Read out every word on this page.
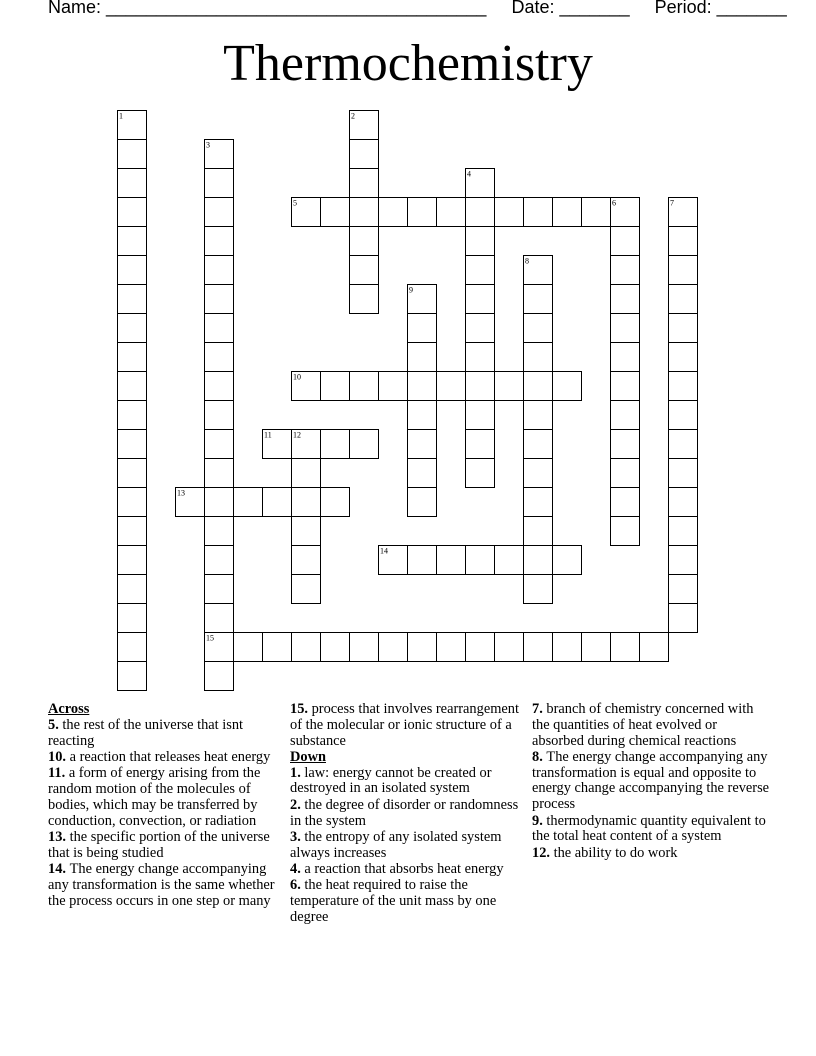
Name: ______________________________________ Date: _______ Period: _______
Thermochemistry
1	2
3
4
5	6	7
8
9
10
11	12
13
14
15

Across

5 . the rest of the universe that isnt reacting

10 . a reaction that releases heat energy

11 . a form of energy arising from the random motion of the molecules of bodies, which may be transferred by conduction, convection, or radiation

13 . the specific portion of the universe that is being studied

14 . The energy change accompanying any transformation is the same whether the process occurs in one step or many

15 . process that involves rearrangement of the molecular or ionic structure of a substance

Down

1 . law: energy cannot be created or destroyed in an isolated system

2 . the degree of disorder or randomness in the system

3 . the entropy of any isolated system always increases

4 . a reaction that absorbs heat energy

6 . the heat required to raise the temperature of the unit mass by one degree

7 . branch of chemistry concerned with the quantities of heat evolved or absorbed during chemical reactions

8 . The energy change accompanying any transformation is equal and opposite to energy change accompanying the reverse process

9 . thermodynamic quantity equivalent to the total heat content of a system

12 . the ability to do work
